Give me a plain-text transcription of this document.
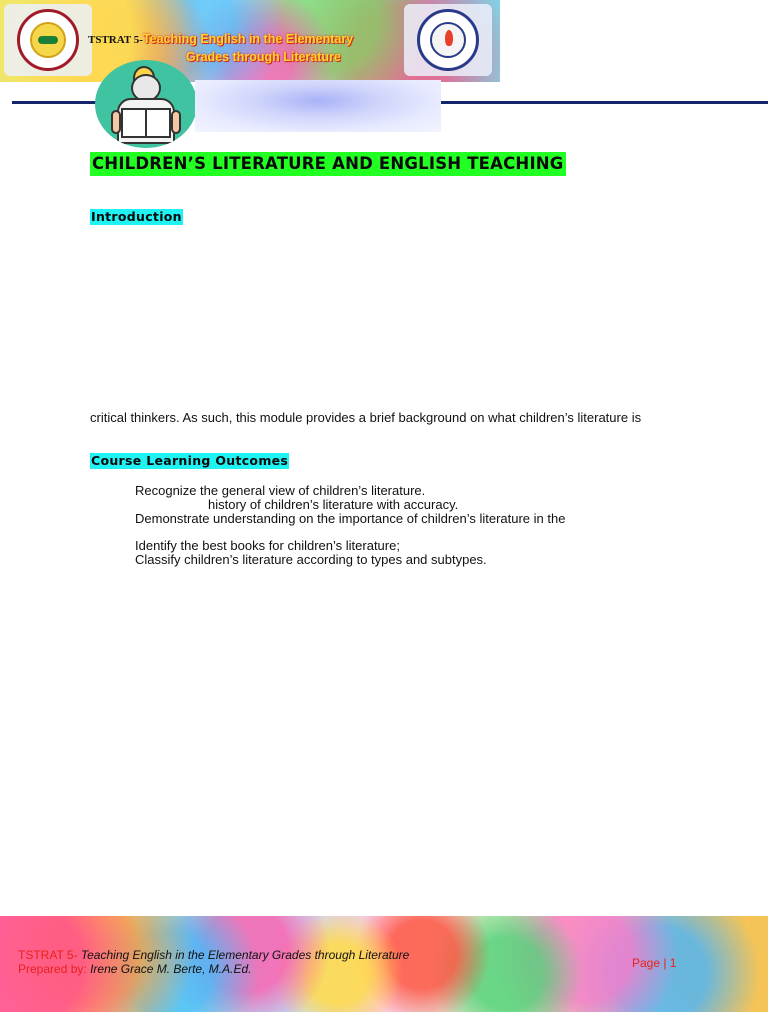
TSTRAT 5-Teaching English in the Elementary
Grades through Literature
CHILDREN’S LITERATURE AND ENGLISH TEACHING
Introduction

critical thinkers. As such, this module provides a brief background on what children’s literature is

Course Learning Outcomes
Recognize the general view of children’s literature.
history of children’s literature with accuracy.
Demonstrate understanding on the importance of children’s literature in the
Identify the best books for children’s literature;
Classify children’s literature according to types and subtypes.
TSTRAT 5- Teaching English in the Elementary Grades through Literature
Prepared by: Irene Grace M. Berte, M.A.Ed.	Page | 1
